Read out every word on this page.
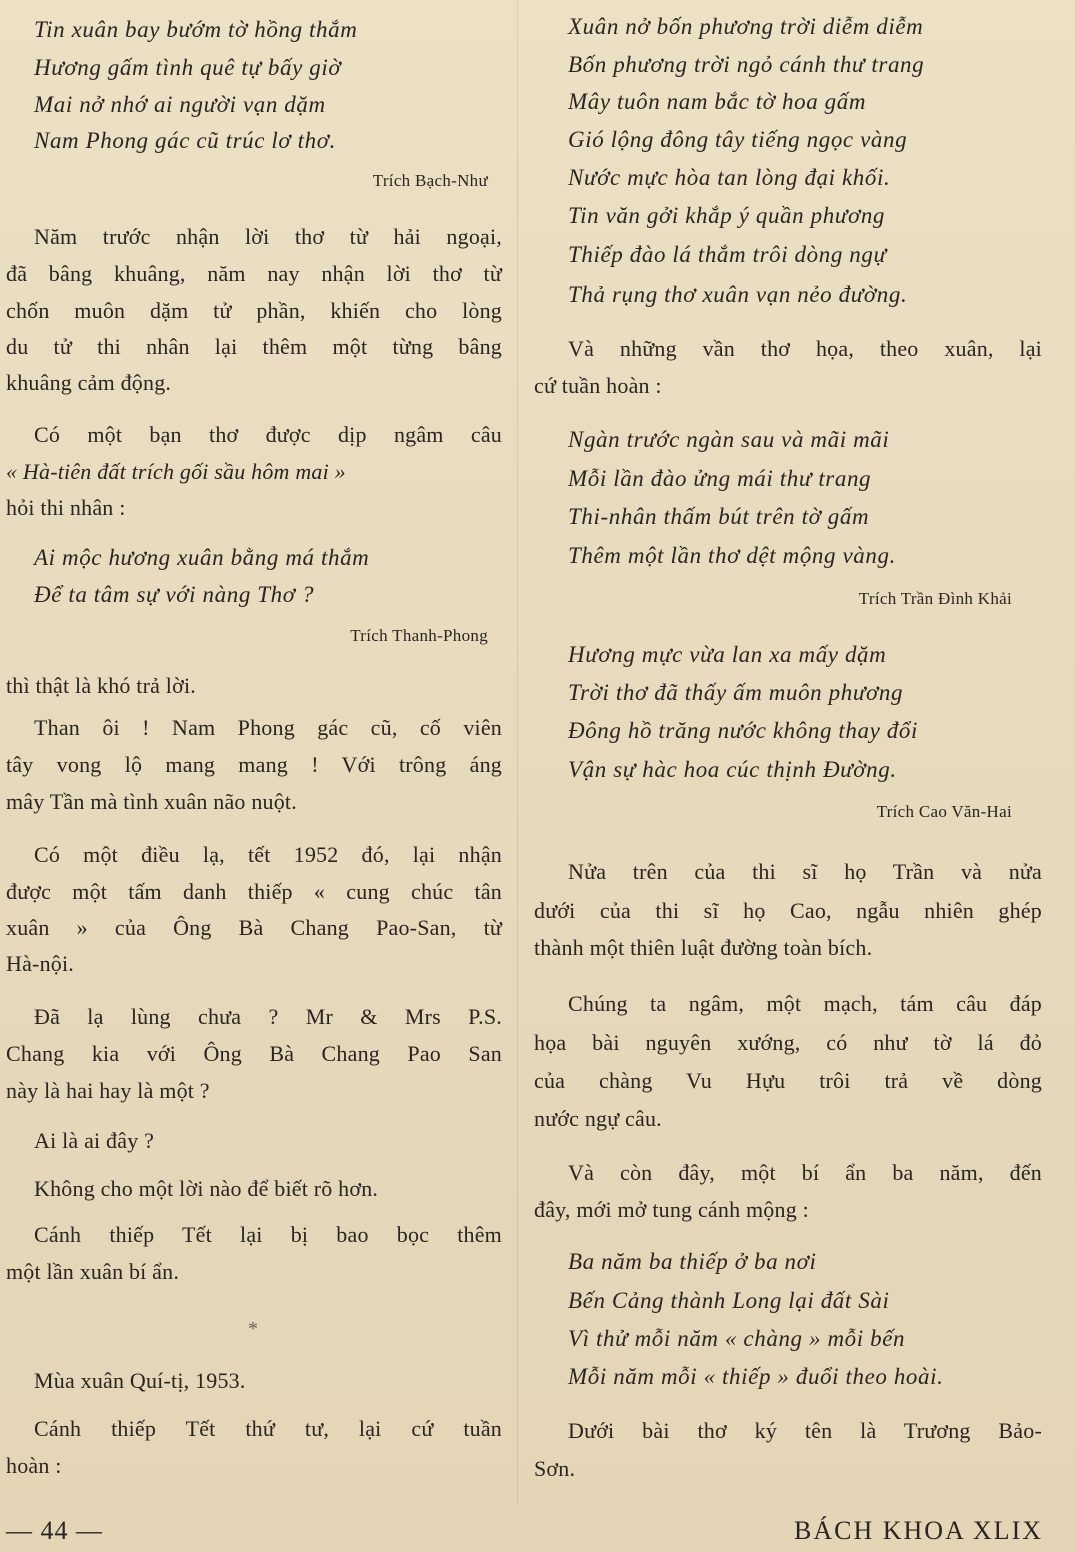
Tin xuân bay bướm tờ hồng thắm
Hương gấm tình quê tự bấy giờ
Mai nở nhớ ai người vạn dặm
Nam Phong gác cũ trúc lơ thơ.
Trích Bạch-Như
Năm trước nhận lời thơ từ hải ngoại,
đã bâng khuâng, năm nay nhận lời thơ từ
chốn muôn dặm tử phần, khiến cho lòng
du tử thi nhân lại thêm một từng bâng
khuâng cảm động.
Có một bạn thơ được dịp ngâm câu
« Hà-tiên đất trích gối sầu hôm mai »
hỏi thi nhân :
Ai mộc hương xuân bằng má thắm
Để ta tâm sự với nàng Thơ ?
Trích Thanh-Phong
thì thật là khó trả lời.
Than ôi ! Nam Phong gác cũ, cố viên
tây vong lộ mang mang ! Với trông áng
mây Tần mà tình xuân não nuột.
Có một điều lạ, tết 1952 đó, lại nhận
được một tấm danh thiếp « cung chúc tân
xuân » của Ông Bà Chang Pao-San, từ
Hà-nội.
Đã lạ lùng chưa ? Mr & Mrs P.S.
Chang kia với Ông Bà Chang Pao San
này là hai hay là một ?
Ai là ai đây ?
Không cho một lời nào để biết rõ hơn.
Cánh thiếp Tết lại bị bao bọc thêm
một lần xuân bí ẩn.
*
Mùa xuân Quí-tị, 1953.
Cánh thiếp Tết thứ tư, lại cứ tuần
hoàn :
Xuân nở bốn phương trời diễm diễm
Bốn phương trời ngỏ cánh thư trang
Mây tuôn nam bắc tờ hoa gấm
Gió lộng đông tây tiếng ngọc vàng
Nước mực hòa tan lòng đại khối.
Tin văn gởi khắp ý quần phương
Thiếp đào lá thắm trôi dòng ngự
Thả rụng thơ xuân vạn nẻo đường.
Và những vần thơ họa, theo xuân, lại
cứ tuần hoàn :
Ngàn trước ngàn sau và mãi mãi
Mỗi lần đào ửng mái thư trang
Thi-nhân thấm bút trên tờ gấm
Thêm một lần thơ dệt mộng vàng.
Trích Trần Đình Khải
Hương mực vừa lan xa mấy dặm
Trời thơ đã thấy ấm muôn phương
Đông hồ trăng nước không thay đổi
Vận sự hàc hoa cúc thịnh Đường.
Trích Cao Văn-Hai
Nửa trên của thi sĩ họ Trần và nửa
dưới của thi sĩ họ Cao, ngẫu nhiên ghép
thành một thiên luật đường toàn bích.
Chúng ta ngâm, một mạch, tám câu đáp
họa bài nguyên xướng, có như tờ lá đỏ
của chàng Vu Hựu trôi trả về dòng
nước ngự câu.
Và còn đây, một bí ẩn ba năm, đến
đây, mới mở tung cánh mộng :
Ba năm ba thiếp ở ba nơi
Bến Cảng thành Long lại đất Sài
Vì thử mỗi năm « chàng » mỗi bến
Mỗi năm mỗi « thiếp » đuổi theo hoài.
Dưới bài thơ ký tên là Trương Bảo-
Sơn.
— 44 —	BÁCH KHOA XLIX
